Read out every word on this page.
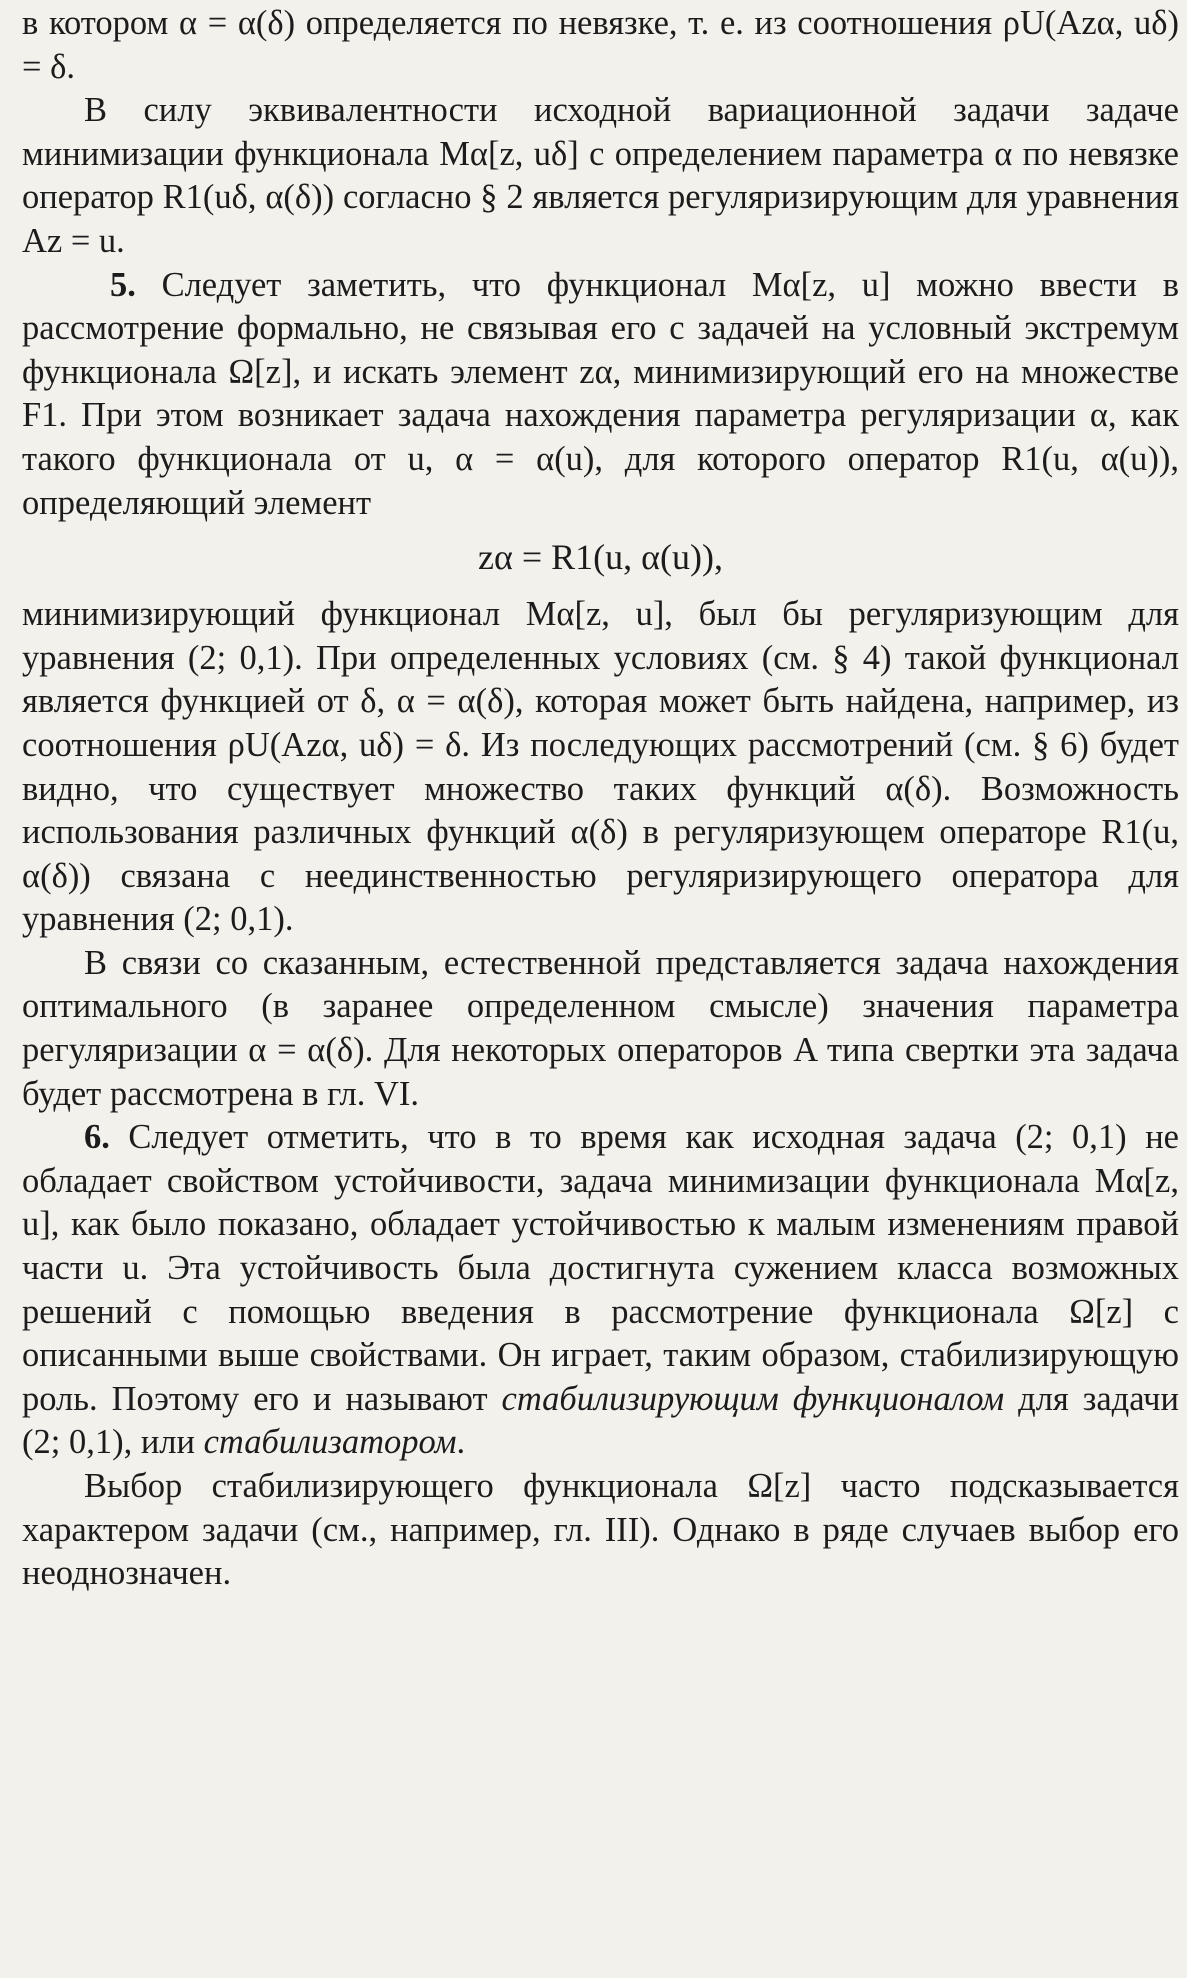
в котором α = α(δ) определяется по невязке, т. е. из соотношения ρU(Azα, uδ) = δ.

В силу эквивалентности исходной вариационной задачи задаче минимизации функционала Mα[z, uδ] с определением параметра α по невязке оператор R1(uδ, α(δ)) согласно § 2 является регуляризирующим для уравнения Az = u.

5. Следует заметить, что функционал Mα[z, u] можно ввести в рассмотрение формально, не связывая его с задачей на условный экстремум функционала Ω[z], и искать элемент zα, минимизирующий его на множестве F1. При этом возникает задача нахождения параметра регуляризации α, как такого функционала от u, α = α(u), для которого оператор R1(u, α(u)), определяющий элемент

zα = R1(u, α(u)),

минимизирующий функционал Mα[z, u], был бы регуляризующим для уравнения (2; 0,1). При определенных условиях (см. § 4) такой функционал является функцией от δ, α = α(δ), которая может быть найдена, например, из соотношения ρU(Azα, uδ) = δ. Из последующих рассмотрений (см. § 6) будет видно, что существует множество таких функций α(δ). Возможность использования различных функций α(δ) в регуляризующем операторе R1(u, α(δ)) связана с неединственностью регуляризирующего оператора для уравнения (2; 0,1).

В связи со сказанным, естественной представляется задача нахождения оптимального (в заранее определенном смысле) значения параметра регуляризации α = α(δ). Для некоторых операторов A типа свертки эта задача будет рассмотрена в гл. VI.

6. Следует отметить, что в то время как исходная задача (2; 0,1) не обладает свойством устойчивости, задача минимизации функционала Mα[z, u], как было показано, обладает устойчивостью к малым изменениям правой части u. Эта устойчивость была достигнута сужением класса возможных решений с помощью введения в рассмотрение функционала Ω[z] с описанными выше свойствами. Он играет, таким образом, стабилизирующую роль. Поэтому его и называют стабилизирующим функционалом для задачи (2; 0,1), или стабилизатором.

Выбор стабилизирующего функционала Ω[z] часто подсказывается характером задачи (см., например, гл. III). Однако в ряде случаев выбор его неоднозначен.
